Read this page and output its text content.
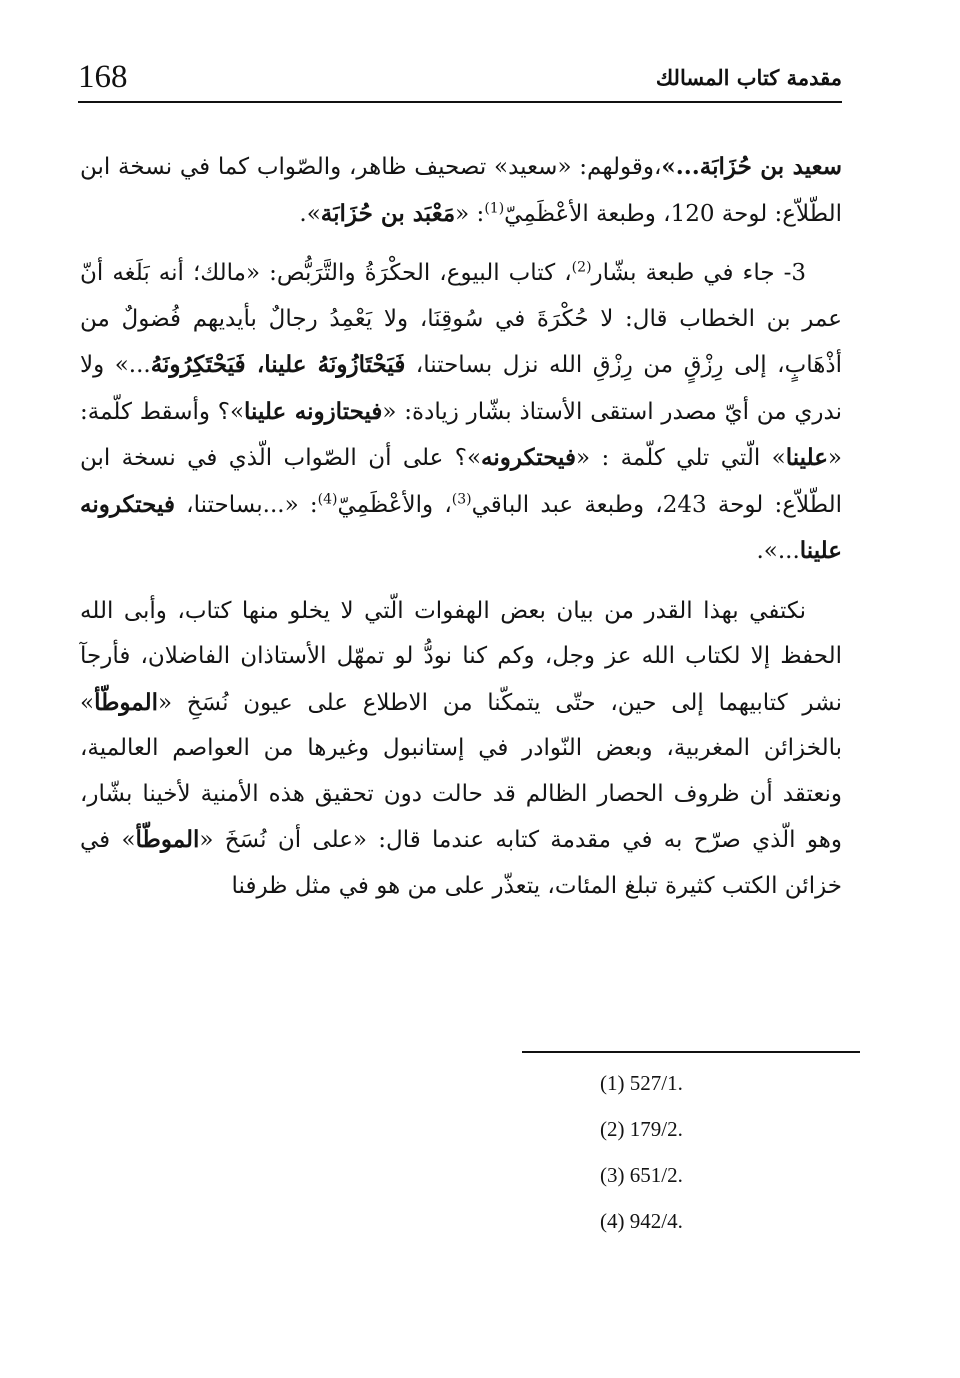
168	مقدمة كتاب المسالك

سعيد بن حُزَابَة...»،وقولهم: «سعيد» تصحيف ظاهر، والصّواب كما في نسخة ابن الطّلاّع: لوحة 120، وطبعة الأعْظَمِيّ$^{(1)}$: «مَعْبَد بن حُزَابَة».

3- جاء في طبعة بشّار$^{(2)}$، كتاب البيوع، الحكْرَةُ والتَّرَبُّص: «مالك؛ أنه بَلَغه أنّ عمر بن الخطاب قال: لا حُكْرَةَ في سُوقِنَا، ولا يَعْمِدُ رجالٌ بأيديهم فُضولٌ من أذْهَابٍ، إلى رِزْقٍ من رِزْقِ الله نزل بساحتنا، فَيَحْتَازُونَهُ علينا، فَيَحْتَكِرُونَهُ...» ولا ندري من أيّ مصدر استقى الأستاذ بشّار زيادة: «فيحتازونه علينا»؟ وأسقط كلّمة: «علينا» الّتي تلي كلّمة : «فيحتكرونه»؟ على أن الصّواب الّذي في نسخة ابن الطّلاّع: لوحة 243، وطبعة عبد الباقي$^{(3)}$، والأعْظَمِيّ$^{(4)}$: «...بساحتنا، فيحتكرونه علينا...».

نكتفي بهذا القدر من بيان بعض الهفوات الّتي لا يخلو منها كتاب، وأبى الله الحفظ إلا لكتاب الله عز وجل، وكم كنا نودُّ لو تمهّل الأستاذان الفاضلان، فأرجآ نشر كتابيهما إلى حين، حتّى يتمكّنا من الاطلاع على عيون نُسَخِ «الموطّأ» بالخزائن المغربية، وبعض النّوادر في إستانبول وغيرها من العواصم العالمية، ونعتقد أن ظروف الحصار الظالم قد حالت دون تحقيق هذه الأمنية لأخينا بشّار، وهو الّذي صرّح به في مقدمة كتابه عندما قال: «على أن نُسَخَ «الموطّأ» في خزائن الكتب كثيرة تبلغ المئات، يتعذّر على من هو في مثل ظرفنا

(1) 527/1.
(2) 179/2.
(3) 651/2.
(4) 942/4.
